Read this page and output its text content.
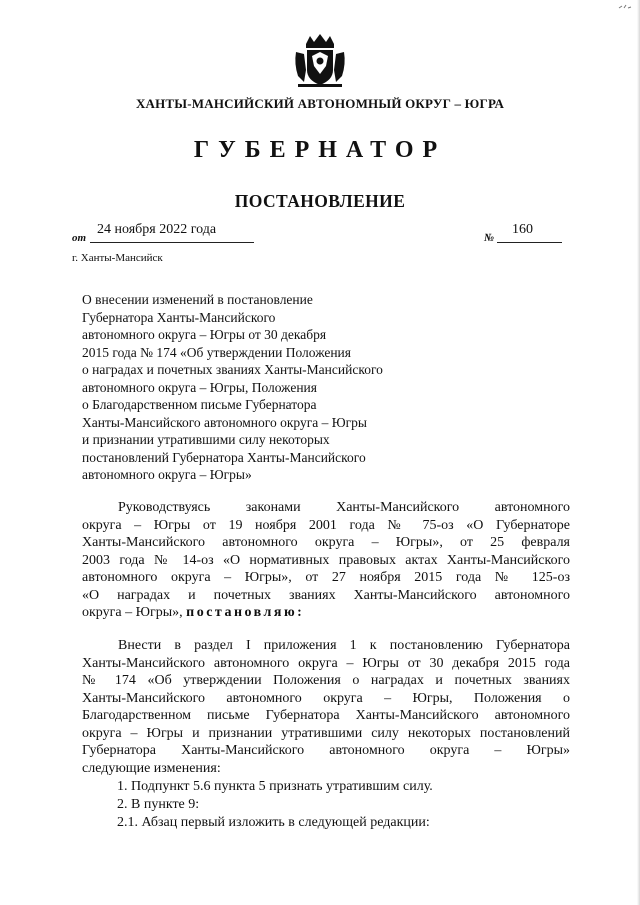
ХАНТЫ-МАНСИЙСКИЙ АВТОНОМНЫЙ ОКРУГ – ЮГРА
ГУБЕРНАТОР
ПОСТАНОВЛЕНИЕ
от
24 ноября 2022 года
№
160
г. Ханты-Мансийск
О внесении изменений в постановление
Губернатора Ханты-Мансийского
автономного округа – Югры от 30 декабря
2015 года № 174 «Об утверждении Положения
о наградах и почетных званиях Ханты-Мансийского
автономного округа – Югры, Положения
о Благодарственном письме Губернатора
Ханты-Мансийского автономного округа – Югры
и признании утратившими силу некоторых
постановлений Губернатора Ханты-Мансийского
автономного округа – Югры»
Руководствуясь законами Ханты-Мансийского автономного
округа – Югры от 19 ноября 2001 года № 75-оз «О Губернаторе
Ханты-Мансийского автономного округа – Югры», от 25 февраля
2003 года № 14-оз «О нормативных правовых актах Ханты-Мансийского
автономного округа – Югры», от 27 ноября 2015 года № 125-оз
«О наградах и почетных званиях Ханты-Мансийского автономного
округа – Югры», постановляю:
Внести в раздел I приложения 1 к постановлению Губернатора
Ханты-Мансийского автономного округа – Югры от 30 декабря 2015 года
№ 174 «Об утверждении Положения о наградах и почетных званиях
Ханты-Мансийского автономного округа – Югры, Положения о
Благодарственном письме Губернатора Ханты-Мансийского автономного
округа – Югры и признании утратившими силу некоторых постановлений
Губернатора Ханты-Мансийского автономного округа – Югры»
следующие изменения:
1. Подпункт 5.6 пункта 5 признать утратившим силу.
2. В пункте 9:
2.1. Абзац первый изложить в следующей редакции:
